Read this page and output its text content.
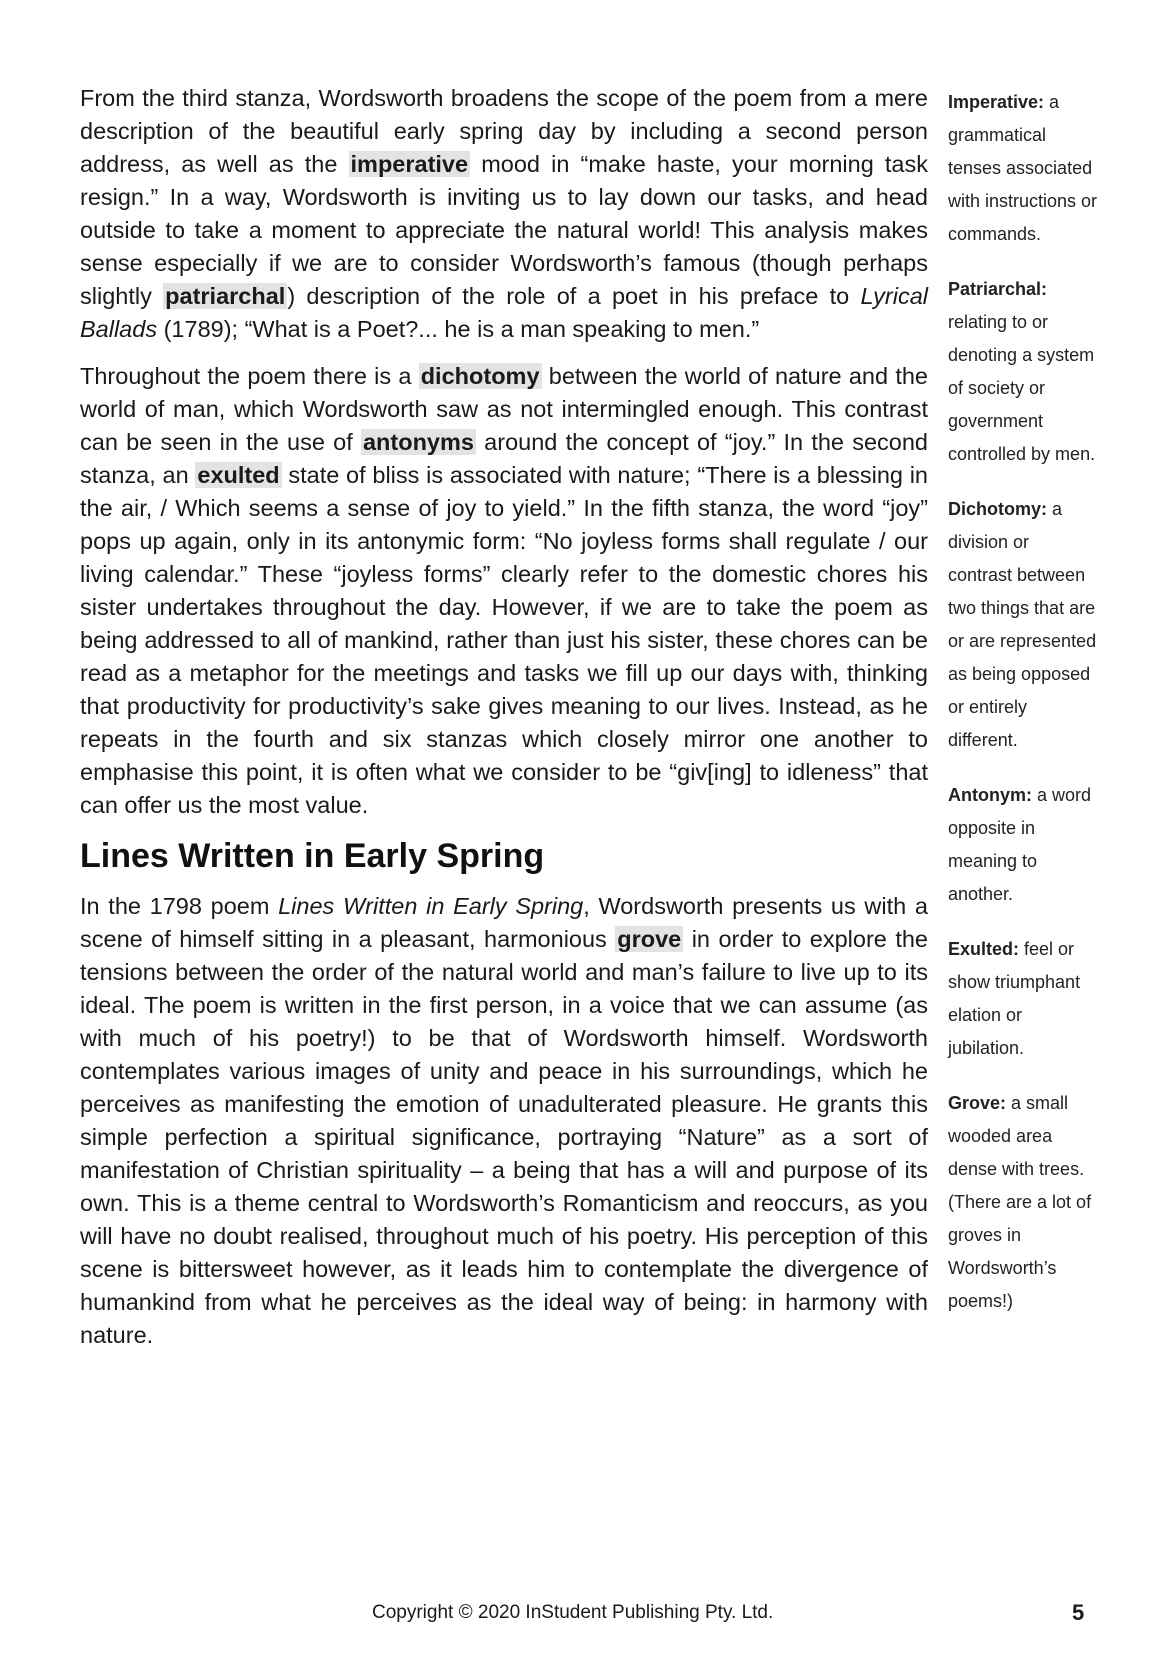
From the third stanza, Wordsworth broadens the scope of the poem from a mere description of the beautiful early spring day by including a second person address, as well as the imperative mood in “make haste, your morning task resign.” In a way, Wordsworth is inviting us to lay down our tasks, and head outside to take a moment to appreciate the natural world! This analysis makes sense especially if we are to consider Wordsworth’s famous (though perhaps slightly patriarchal) description of the role of a poet in his preface to Lyrical Ballads (1789); “What is a Poet?... he is a man speaking to men.”

Throughout the poem there is a dichotomy between the world of nature and the world of man, which Wordsworth saw as not intermingled enough. This contrast can be seen in the use of antonyms around the concept of “joy.” In the second stanza, an exulted state of bliss is associated with nature; “There is a blessing in the air, / Which seems a sense of joy to yield.” In the fifth stanza, the word “joy” pops up again, only in its antonymic form: “No joyless forms shall regulate / our living calendar.” These “joyless forms” clearly refer to the domestic chores his sister undertakes throughout the day. However, if we are to take the poem as being addressed to all of mankind, rather than just his sister, these chores can be read as a metaphor for the meetings and tasks we fill up our days with, thinking that productivity for productivity’s sake gives meaning to our lives. Instead, as he repeats in the fourth and six stanzas which closely mirror one another to emphasise this point, it is often what we consider to be “giv[ing] to idleness” that can offer us the most value.

Lines Written in Early Spring

In the 1798 poem Lines Written in Early Spring, Wordsworth presents us with a scene of himself sitting in a pleasant, harmonious grove in order to explore the tensions between the order of the natural world and man’s failure to live up to its ideal. The poem is written in the first person, in a voice that we can assume (as with much of his poetry!) to be that of Wordsworth himself. Wordsworth contemplates various images of unity and peace in his surroundings, which he perceives as manifesting the emotion of unadulterated pleasure. He grants this simple perfection a spiritual significance, portraying “Nature” as a sort of manifestation of Christian spirituality – a being that has a will and purpose of its own. This is a theme central to Wordsworth’s Romanticism and reoccurs, as you will have no doubt realised, throughout much of his poetry. His perception of this scene is bittersweet however, as it leads him to contemplate the divergence of humankind from what he perceives as the ideal way of being: in harmony with nature.

Imperative: a grammatical tenses associated with instructions or commands.
Patriarchal: relating to or denoting a system of society or government controlled by men.
Dichotomy: a division or contrast between two things that are or are represented as being opposed or entirely different.
Antonym: a word opposite in meaning to another.
Exulted: feel or show triumphant elation or jubilation.
Grove: a small wooded area dense with trees. (There are a lot of groves in Wordsworth’s poems!)
Copyright © 2020 InStudent Publishing Pty. Ltd.	5
